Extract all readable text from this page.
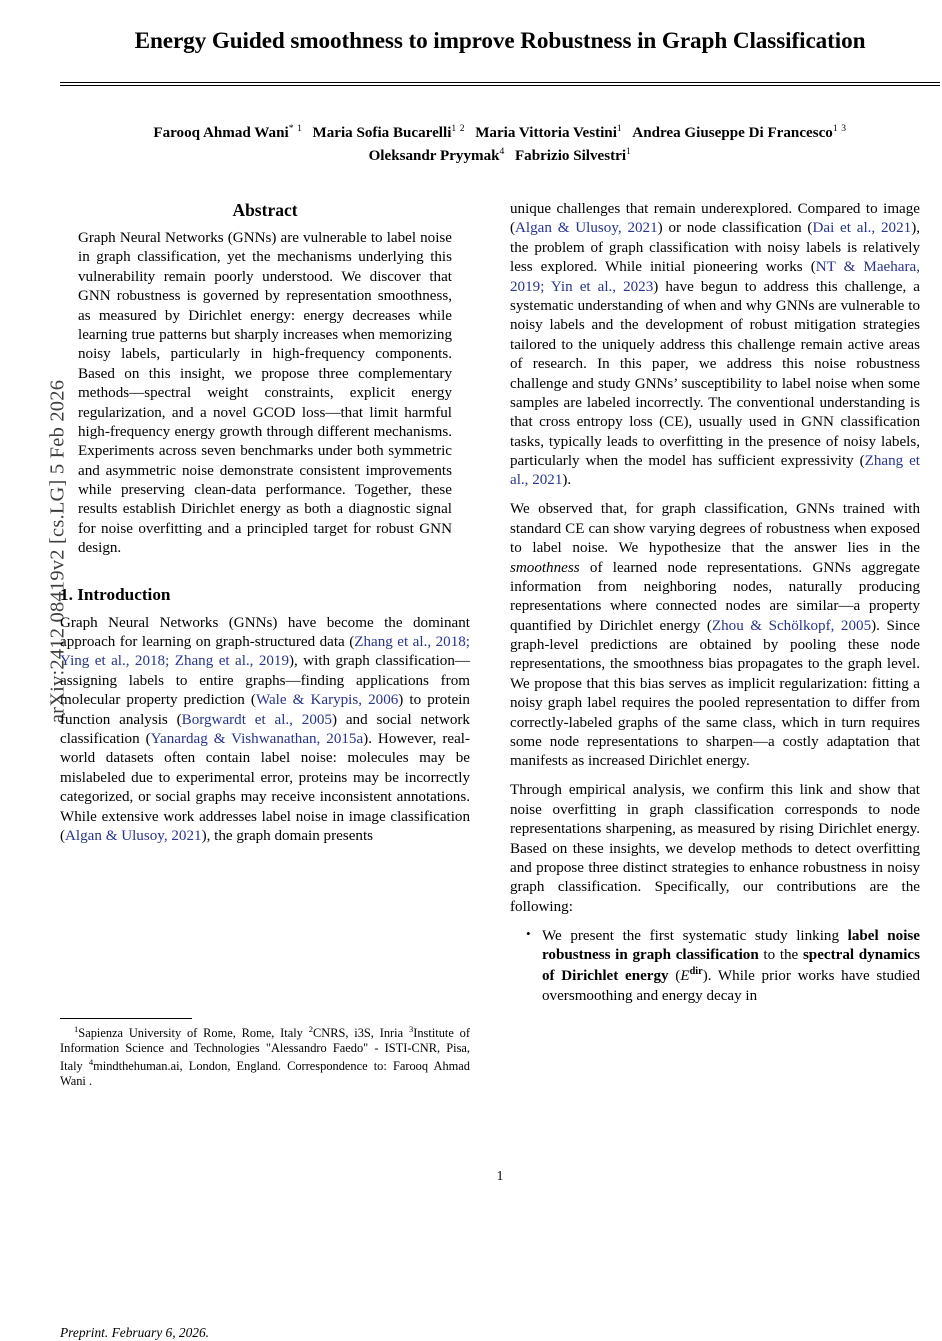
arXiv:2412.08419v2 [cs.LG] 5 Feb 2026
Energy Guided smoothness to improve Robustness in Graph Classification
Farooq Ahmad Wani$^{* 1}$ Maria Sofia Bucarelli$^{1 2}$ Maria Vittoria Vestini$^1$ Andrea Giuseppe Di Francesco$^{1 3}$
Oleksandr Pryymak$^4$ Fabrizio Silvestri$^1$
Abstract
Graph Neural Networks (GNNs) are vulnerable to label noise in graph classification, yet the mechanisms underlying this vulnerability remain poorly understood. We discover that GNN robustness is governed by representation smoothness, as measured by Dirichlet energy: energy decreases while learning true patterns but sharply increases when memorizing noisy labels, particularly in high-frequency components. Based on this insight, we propose three complementary methods—spectral weight constraints, explicit energy regularization, and a novel GCOD loss—that limit harmful high-frequency energy growth through different mechanisms. Experiments across seven benchmarks under both symmetric and asymmetric noise demonstrate consistent improvements while preserving clean-data performance. Together, these results establish Dirichlet energy as both a diagnostic signal for noise overfitting and a principled target for robust GNN design.
1. Introduction

Graph Neural Networks (GNNs) have become the dominant approach for learning on graph-structured data (Zhang et al., 2018; Ying et al., 2018; Zhang et al., 2019), with graph classification—assigning labels to entire graphs—finding applications from molecular property prediction (Wale & Karypis, 2006) to protein function analysis (Borgwardt et al., 2005) and social network classification (Yanardag & Vishwanathan, 2015a). However, real-world datasets often contain label noise: molecules may be mislabeled due to experimental error, proteins may be incorrectly categorized, or social graphs may receive inconsistent annotations. While extensive work addresses label noise in image classification (Algan & Ulusoy, 2021), the graph domain presents

$^1$Sapienza University of Rome, Rome, Italy $^2$CNRS, i3S, Inria $^3$Institute of Information Science and Technologies "Alessandro Faedo" - ISTI-CNR, Pisa, Italy $^4$mindthehuman.ai, London, England. Correspondence to: Farooq Ahmad Wani .
Preprint. February 6, 2026.

unique challenges that remain underexplored. Compared to image (Algan & Ulusoy, 2021) or node classification (Dai et al., 2021), the problem of graph classification with noisy labels is relatively less explored. While initial pioneering works (NT & Maehara, 2019; Yin et al., 2023) have begun to address this challenge, a systematic understanding of when and why GNNs are vulnerable to noisy labels and the development of robust mitigation strategies tailored to the uniquely address this challenge remain active areas of research. In this paper, we address this noise robustness challenge and study GNNs’ susceptibility to label noise when some samples are labeled incorrectly. The conventional understanding is that cross entropy loss (CE), usually used in GNN classification tasks, typically leads to overfitting in the presence of noisy labels, particularly when the model has sufficient expressivity (Zhang et al., 2021).

We observed that, for graph classification, GNNs trained with standard CE can show varying degrees of robustness when exposed to label noise. We hypothesize that the answer lies in the smoothness of learned node representations. GNNs aggregate information from neighboring nodes, naturally producing representations where connected nodes are similar—a property quantified by Dirichlet energy (Zhou & Schölkopf, 2005). Since graph-level predictions are obtained by pooling these node representations, the smoothness bias propagates to the graph level. We propose that this bias serves as implicit regularization: fitting a noisy graph label requires the pooled representation to differ from correctly-labeled graphs of the same class, which in turn requires some node representations to sharpen—a costly adaptation that manifests as increased Dirichlet energy.

Through empirical analysis, we confirm this link and show that noise overfitting in graph classification corresponds to node representations sharpening, as measured by rising Dirichlet energy. Based on these insights, we develop methods to detect overfitting and propose three distinct strategies to enhance robustness in noisy graph classification. Specifically, our contributions are the following:

• We present the first systematic study linking label noise robustness in graph classification to the spectral dynamics of Dirichlet energy $(E^{dir})$. While prior works have studied oversmoothing and energy decay in
1
